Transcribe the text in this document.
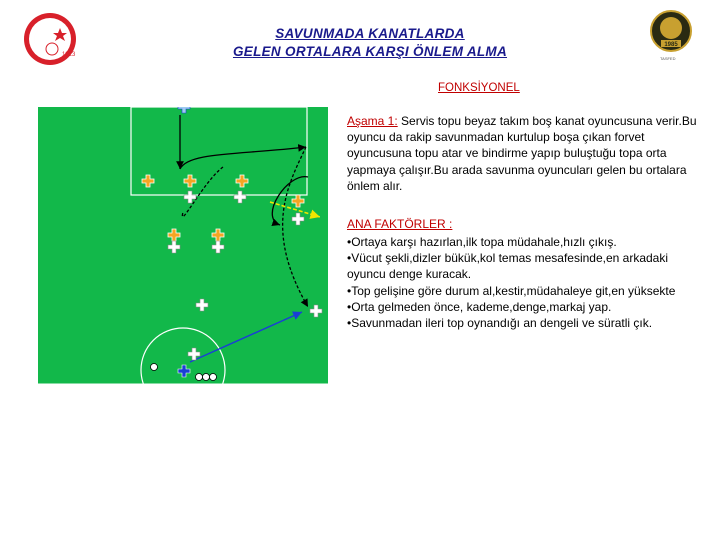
1923
1985
TASFED
SAVUNMADA KANATLARDA
GELEN ORTALARA KARŞI ÖNLEM ALMA
FONKSİYONEL
Aşama 1: Servis topu beyaz takım boş kanat oyuncusuna verir.Bu oyuncu da rakip savunmadan kurtulup boşa çıkan forvet oyuncusuna topu atar ve bindirme yapıp buluştuğu topa orta yapmaya çalışır.Bu arada savunma oyuncuları gelen bu ortalara önlem alır.
ANA FAKTÖRLER :
•Ortaya karşı hazırlan,ilk topa müdahale,hızlı çıkış.
•Vücut şekli,dizler bükük,kol temas mesafesinde,en arkadaki oyuncu denge kuracak.
•Top gelişine göre durum al,kestir,müdahaleye git,en yüksekte
•Orta gelmeden önce, kademe,denge,markaj yap.
•Savunmadan ileri top oynandığı an dengeli ve süratli çık.
